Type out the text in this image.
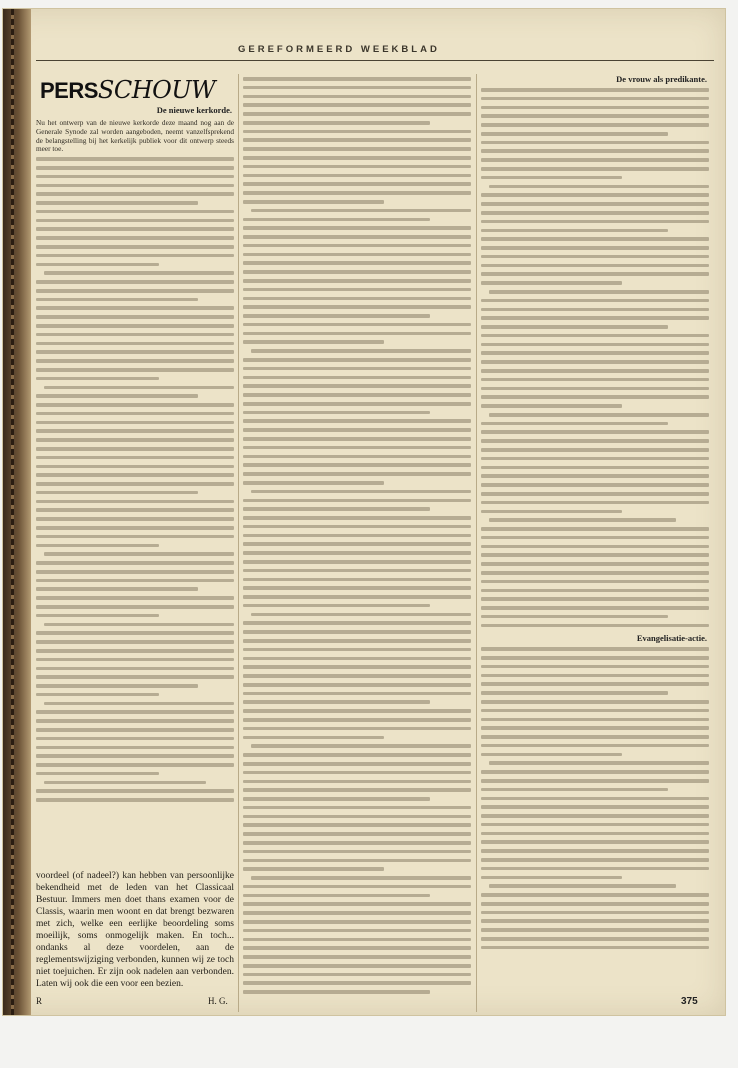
GEREFORMEERD WEEKBLAD
PERSSCHOUW
De nieuwe kerkorde.

Nu het ontwerp van de nieuwe kerkorde deze maand nog aan de Generale Synode zal worden aangeboden, neemt vanzelfsprekend de belangstelling bij het kerkelijk publiek voor dit ontwerp steeds meer toe.

De vrouw als predikante.
Evangelisatie-actie.

voordeel (of nadeel?) kan hebben van persoonlijke bekendheid met de leden van het Classicaal Bestuur. Immers men doet thans examen voor de Classis, waarin men woont en dat brengt bezwaren met zich, welke een eerlijke beoordeling soms moeilijk, soms onmogelijk maken. En toch... ondanks al deze voordelen, aan de reglementswijziging verbonden, kunnen wij ze toch niet toejuichen. Er zijn ook nadelen aan verbonden. Laten wij ook die een voor een bezien.

R	H. G.	375
